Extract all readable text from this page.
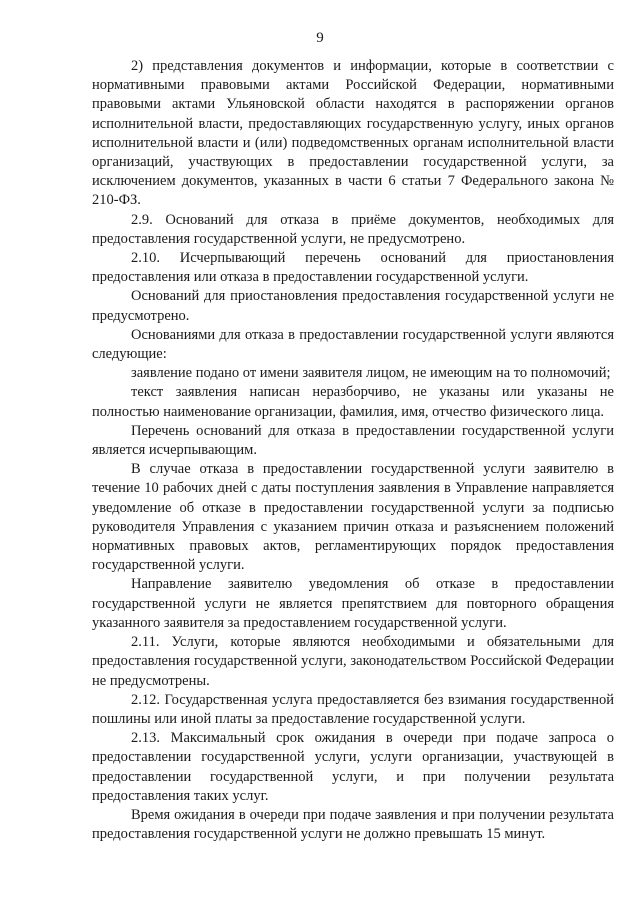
9

2) представления документов и информации, которые в соответствии с нормативными правовыми актами Российской Федерации, нормативными правовыми актами Ульяновской области находятся в распоряжении органов исполнительной власти, предоставляющих государственную услугу, иных органов исполнительной власти и (или) подведомственных органам исполнительной власти организаций, участвующих в предоставлении государственной услуги, за исключением документов, указанных в части 6 статьи 7 Федерального закона № 210-ФЗ.

2.9. Оснований для отказа в приёме документов, необходимых для предоставления государственной услуги, не предусмотрено.

2.10. Исчерпывающий перечень оснований для приостановления предоставления или отказа в предоставлении государственной услуги.

Оснований для приостановления предоставления государственной услуги не предусмотрено.

Основаниями для отказа в предоставлении государственной услуги являются следующие:

заявление подано от имени заявителя лицом, не имеющим на то полномочий;

текст заявления написан неразборчиво, не указаны или указаны не полностью наименование организации, фамилия, имя, отчество физического лица.

Перечень оснований для отказа в предоставлении государственной услуги является исчерпывающим.

В случае отказа в предоставлении государственной услуги заявителю в течение 10 рабочих дней с даты поступления заявления в Управление направляется уведомление об отказе в предоставлении государственной услуги за подписью руководителя Управления с указанием причин отказа и разъяснением положений нормативных правовых актов, регламентирующих порядок предоставления государственной услуги.

Направление заявителю уведомления об отказе в предоставлении государственной услуги не является препятствием для повторного обращения указанного заявителя за предоставлением государственной услуги.

2.11. Услуги, которые являются необходимыми и обязательными для предоставления государственной услуги, законодательством Российской Федерации не предусмотрены.

2.12. Государственная услуга предоставляется без взимания государственной пошлины или иной платы за предоставление государственной услуги.

2.13. Максимальный срок ожидания в очереди при подаче запроса о предоставлении государственной услуги, услуги организации, участвующей в предоставлении государственной услуги, и при получении результата предоставления таких услуг.

Время ожидания в очереди при подаче заявления и при получении результата предоставления государственной услуги не должно превышать 15 минут.
